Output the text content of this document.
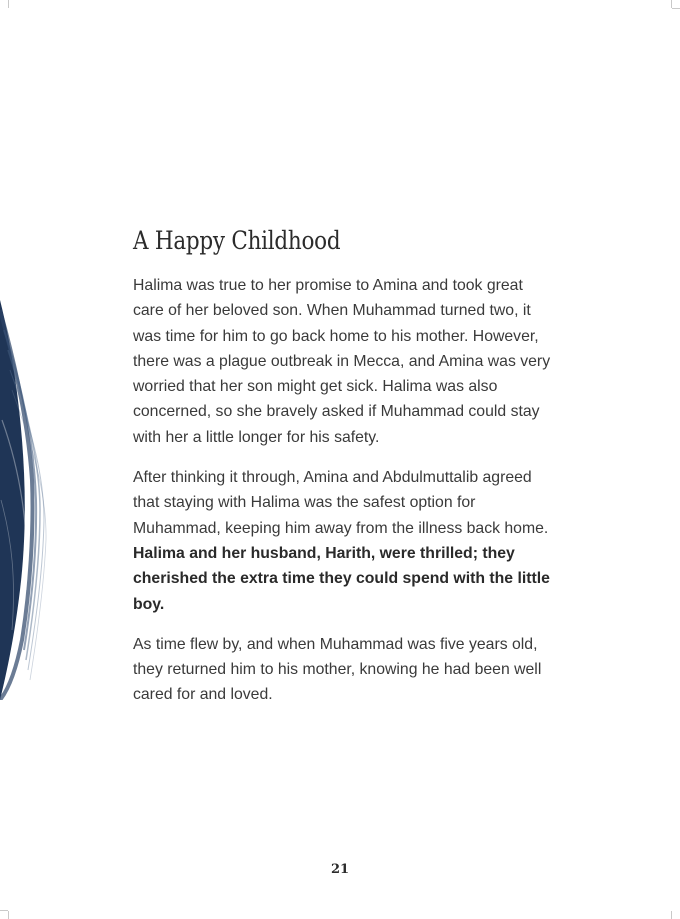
A Happy Childhood

Halima was true to her promise to Amina and took great care of her beloved son. When Muhammad turned two, it was time for him to go back home to his mother. However, there was a plague outbreak in Mecca, and Amina was very worried that her son might get sick. Halima was also concerned, so she bravely asked if Muhammad could stay with her a little longer for his safety.

After thinking it through, Amina and Abdulmuttalib agreed that staying with Halima was the safest option for Muhammad, keeping him away from the illness back home. Halima and her husband, Harith, were thrilled; they cherished the extra time they could spend with the little boy.

As time flew by, and when Muhammad was five years old, they returned him to his mother, knowing he had been well cared for and loved.

21
